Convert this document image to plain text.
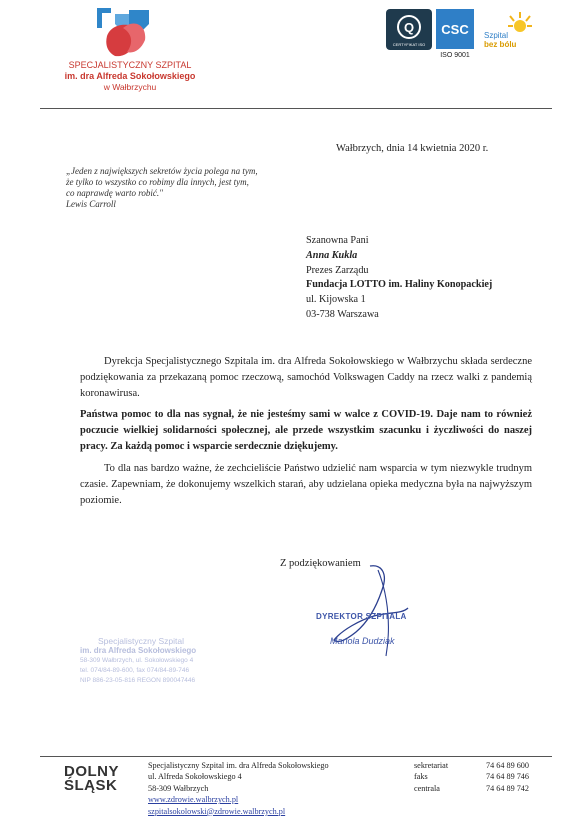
SPECJALISTYCZNY SZPITAL
im. dra Alfreda Sokołowskiego
w Wałbrzychu
Q
CERTYFIKAT ISO
CSC
ISO 9001
Szpital
bez bólu
Wałbrzych, dnia 14 kwietnia 2020 r.
„Jeden z największych sekretów życia polega na tym,
że tylko to wszystko co robimy dla innych, jest tym,
co naprawdę warto robić."
Lewis Carroll
Szanowna Pani
Anna Kukla
Prezes Zarządu
Fundacja LOTTO im. Haliny Konopackiej
ul. Kijowska 1
03-738 Warszawa
Dyrekcja Specjalistycznego Szpitala im. dra Alfreda Sokołowskiego w Wałbrzychu składa serdeczne podziękowania za przekazaną pomoc rzeczową, samochód Volkswagen Caddy na rzecz walki z pandemią koronawirusa.
Państwa pomoc to dla nas sygnał, że nie jesteśmy sami w walce z COVID-19. Daje nam to również poczucie wielkiej solidarności społecznej, ale przede wszystkim szacunku i życzliwości do naszej pracy. Za każdą pomoc i wsparcie serdecznie dziękujemy.
To dla nas bardzo ważne, że zechcieliście Państwo udzielić nam wsparcia w tym niezwykle trudnym czasie. Zapewniam, że dokonujemy wszelkich starań, aby udzielana opieka medyczna była na najwyższym poziomie.
Z podziękowaniem
DYREKTOR SZPITALA
Mariola Dudziak
Specjalistyczny Szpital
im. dra Alfreda Sokołowskiego
58-309 Wałbrzych, ul. Sokołowskiego 4
tel. 074/84-89-600, fax 074/84-89-746
NIP 886-23-05-816 REGON 890047446
DOLNY
ŚLĄSK
Specjalistyczny Szpital im. dra Alfreda Sokołowskiego
ul. Alfreda Sokołowskiego 4
58-309 Wałbrzych
www.zdrowie.walbrzych.pl
szpitalsokolowski@zdrowie.walbrzych.pl
sekretariat
faks
centrala
74 64 89 600
74 64 89 746
74 64 89 742
